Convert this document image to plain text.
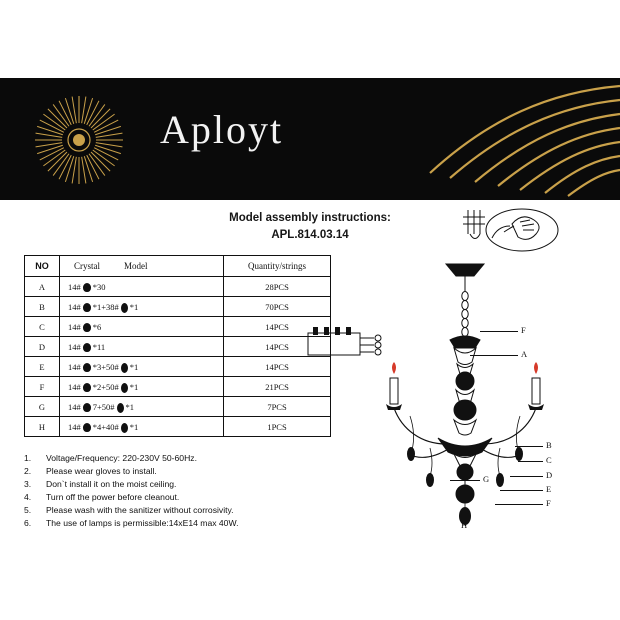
Aployt
Model assembly instructions:
APL.814.03.14
NO	Crystal Model	Quantity/strings
A	14# *30	28PCS
B	14# *1+38# *1	70PCS
C	14# *6	14PCS
D	14# *11	14PCS
E	14# *3+50# *1	14PCS
F	14# *2+50# *1	21PCS
G	14# 7+50# *1	7PCS
H	14# *4+40# *1	1PCS
1.	Voltage/Frequency: 220-230V 50-60Hz.
2.	Please wear gloves to install.
3.	Don`t install it on the moist ceiling.
4.	Turn off the power before cleanout.
5.	Please wash with the sanitizer without corrosivity.
6.	The use of lamps is permissible:14xE14 max 40W.
F
A
B
C
D
E
F
G
H
